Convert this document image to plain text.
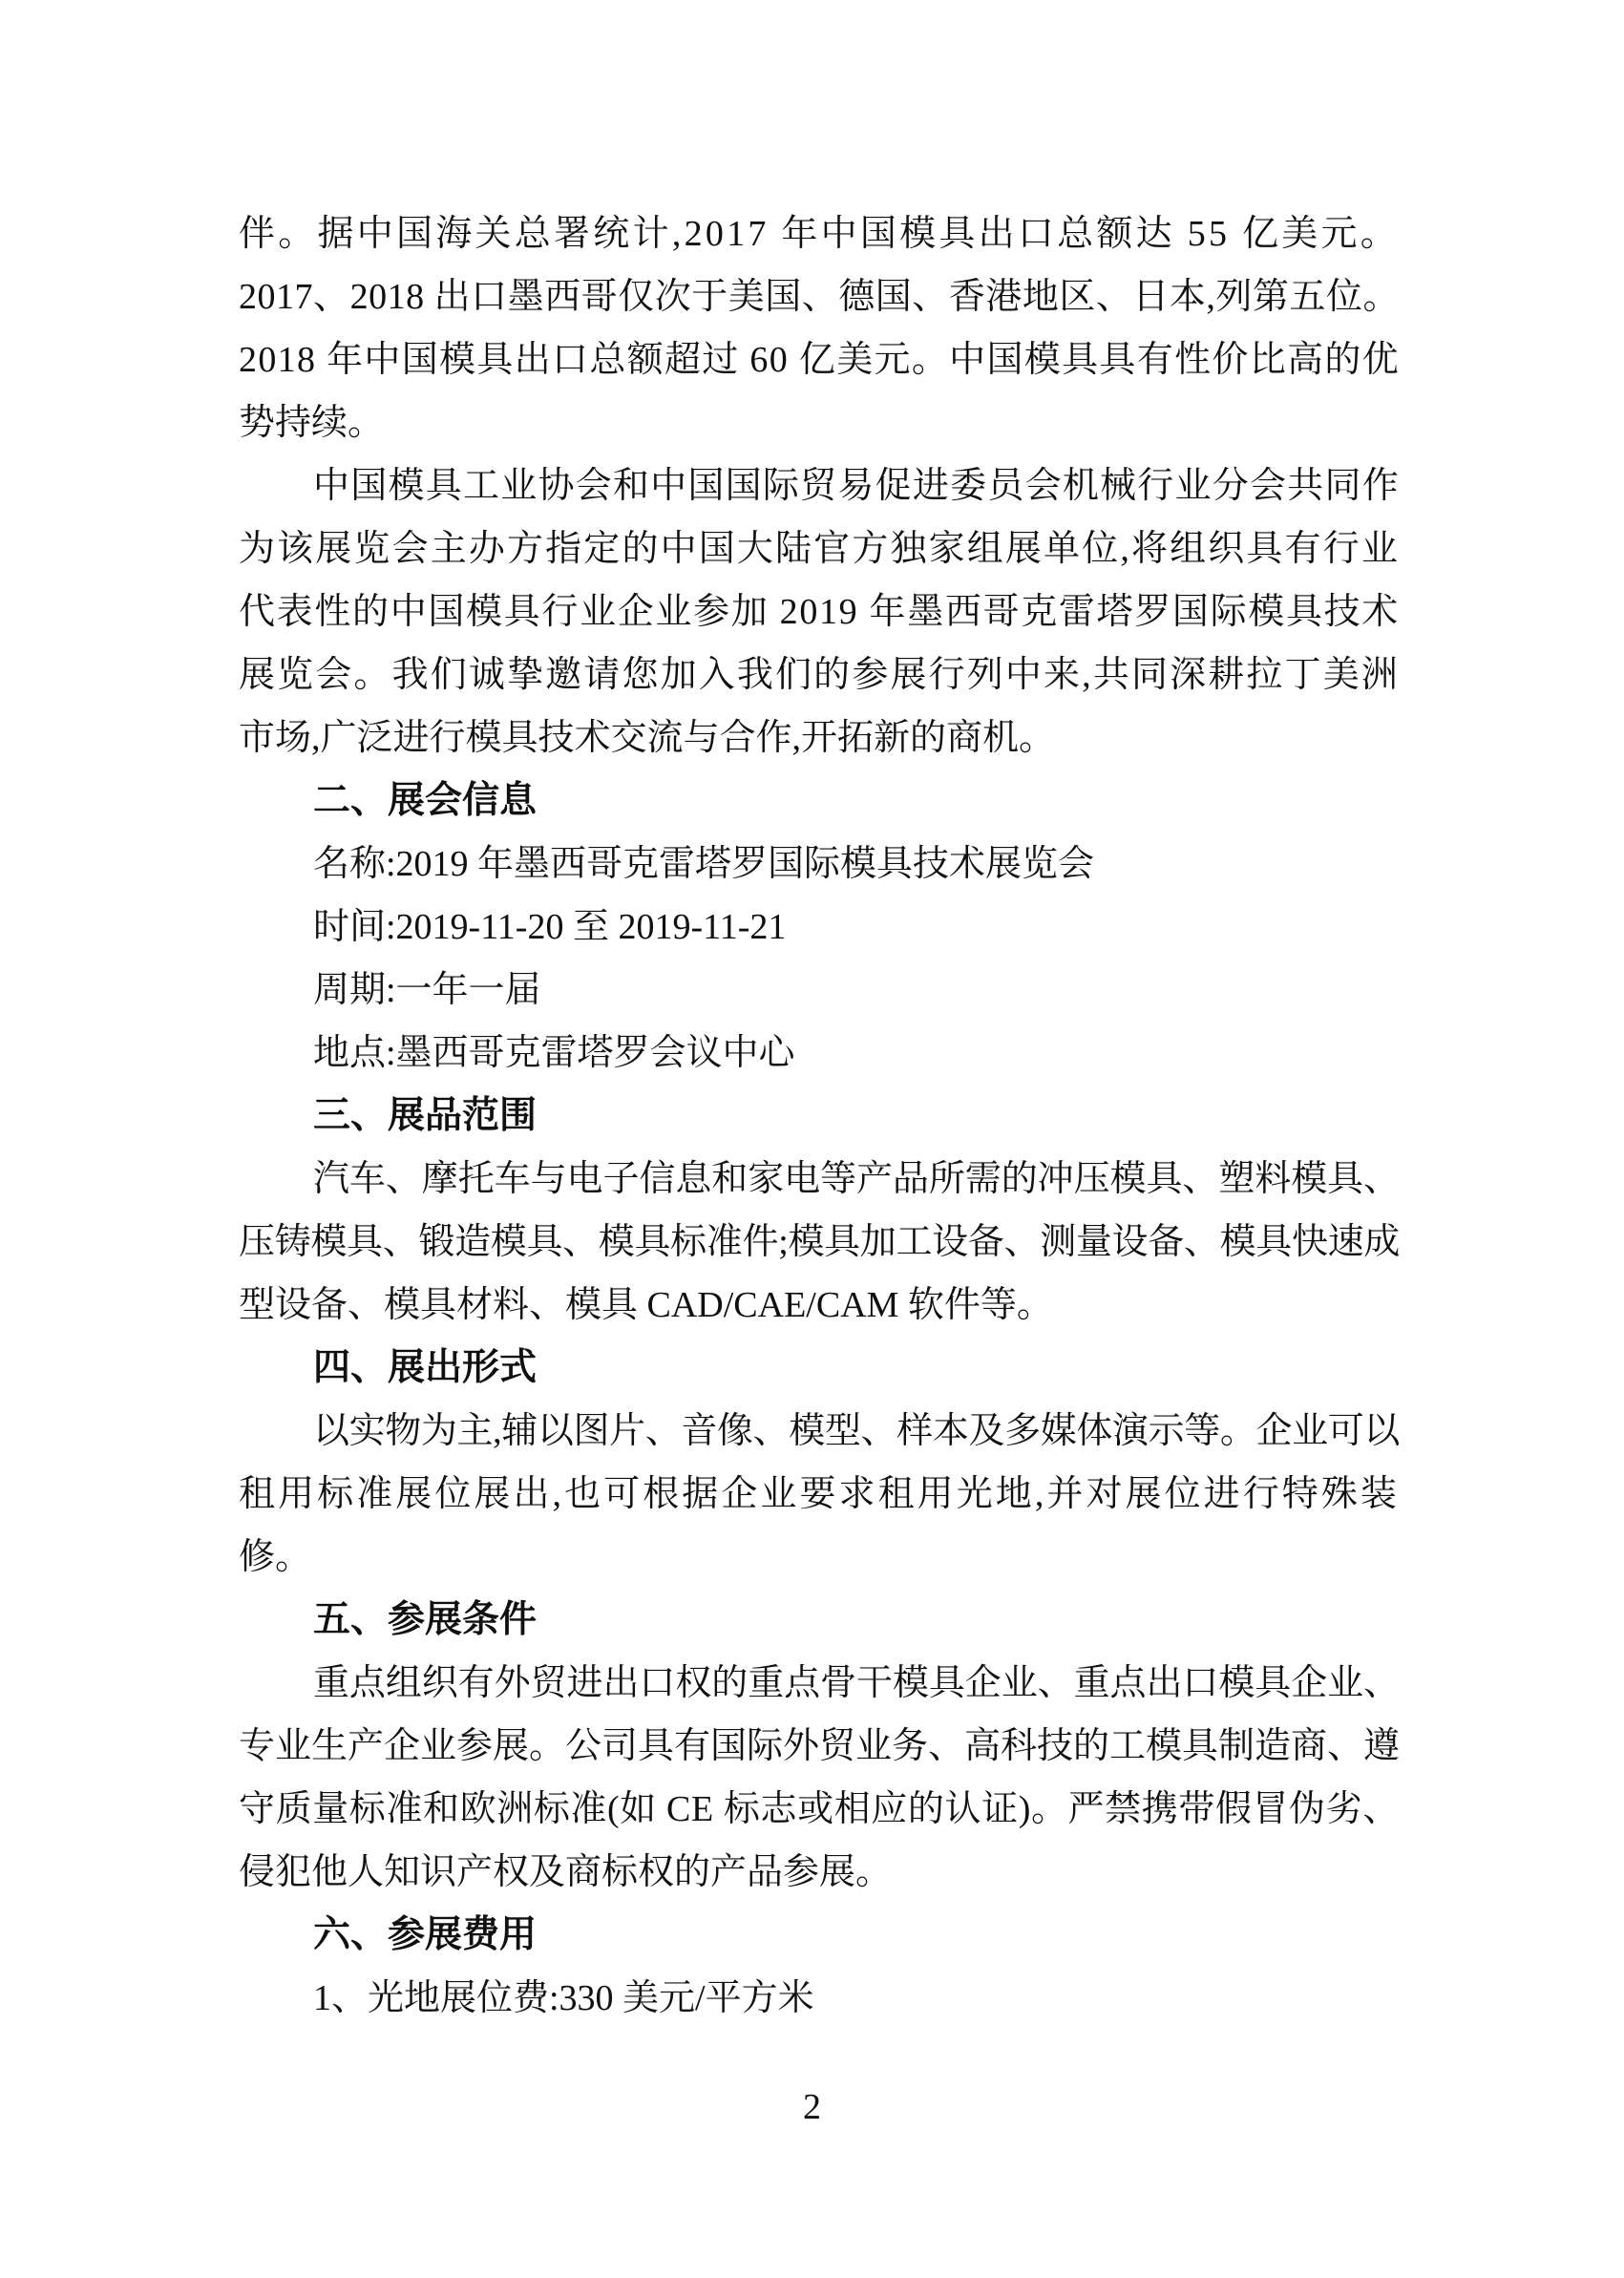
伴。据中国海关总署统计,2017 年中国模具出口总额达 55 亿美元。
2017、2018 出口墨西哥仅次于美国、德国、香港地区、日本,列第五位。
2018 年中国模具出口总额超过 60 亿美元。中国模具具有性价比高的优
势持续。
中国模具工业协会和中国国际贸易促进委员会机械行业分会共同作
为该展览会主办方指定的中国大陆官方独家组展单位,将组织具有行业
代表性的中国模具行业企业参加 2019 年墨西哥克雷塔罗国际模具技术
展览会。我们诚挚邀请您加入我们的参展行列中来,共同深耕拉丁美洲
市场,广泛进行模具技术交流与合作,开拓新的商机。
二、展会信息
名称:2019 年墨西哥克雷塔罗国际模具技术展览会
时间:2019-11-20 至 2019-11-21
周期:一年一届
地点:墨西哥克雷塔罗会议中心
三、展品范围
汽车、摩托车与电子信息和家电等产品所需的冲压模具、塑料模具、
压铸模具、锻造模具、模具标准件;模具加工设备、测量设备、模具快速成
型设备、模具材料、模具 CAD/CAE/CAM 软件等。
四、展出形式
以实物为主,辅以图片、音像、模型、样本及多媒体演示等。企业可以
租用标准展位展出,也可根据企业要求租用光地,并对展位进行特殊装
修。
五、参展条件
重点组织有外贸进出口权的重点骨干模具企业、重点出口模具企业、
专业生产企业参展。公司具有国际外贸业务、高科技的工模具制造商、遵
守质量标准和欧洲标准(如 CE 标志或相应的认证)。严禁携带假冒伪劣、
侵犯他人知识产权及商标权的产品参展。
六、参展费用
1、光地展位费:330 美元/平方米
2
